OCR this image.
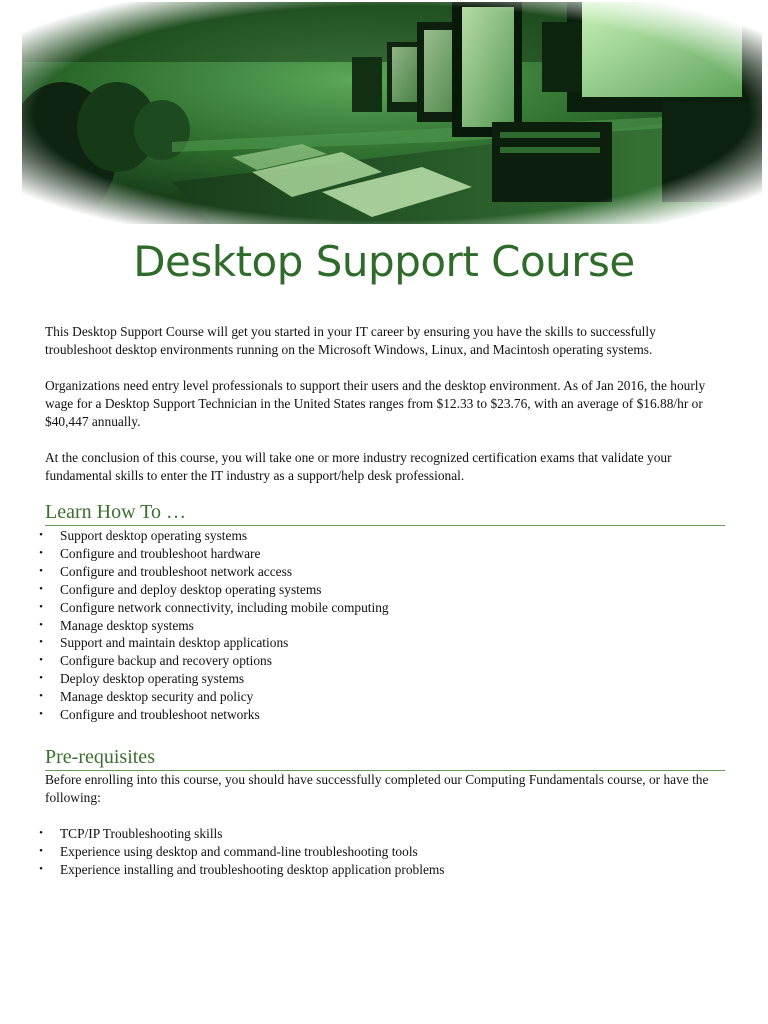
Desktop Support Course

This Desktop Support Course will get you started in your IT career by ensuring you have the skills to successfully troubleshoot desktop environments running on the Microsoft Windows, Linux, and Macintosh operating systems.

Organizations need entry level professionals to support their users and the desktop environment. As of Jan 2016, the hourly wage for a Desktop Support Technician in the United States ranges from $12.33 to $23.76, with an average of $16.88/hr or $40,447 annually.

At the conclusion of this course, you will take one or more industry recognized certification exams that validate your fundamental skills to enter the IT industry as a support/help desk professional.

Learn How To …
•	Support desktop operating systems
•	Configure and troubleshoot hardware
•	Configure and troubleshoot network access
•	Configure and deploy desktop operating systems
•	Configure network connectivity, including mobile computing
•	Manage desktop systems
•	Support and maintain desktop applications
•	Configure backup and recovery options
•	Deploy desktop operating systems
•	Manage desktop security and policy
•	Configure and troubleshoot networks
Pre-requisites

Before enrolling into this course, you should have successfully completed our Computing Fundamentals course, or have the following:

•	TCP/IP Troubleshooting skills
•	Experience using desktop and command-line troubleshooting tools
•	Experience installing and troubleshooting desktop application problems
